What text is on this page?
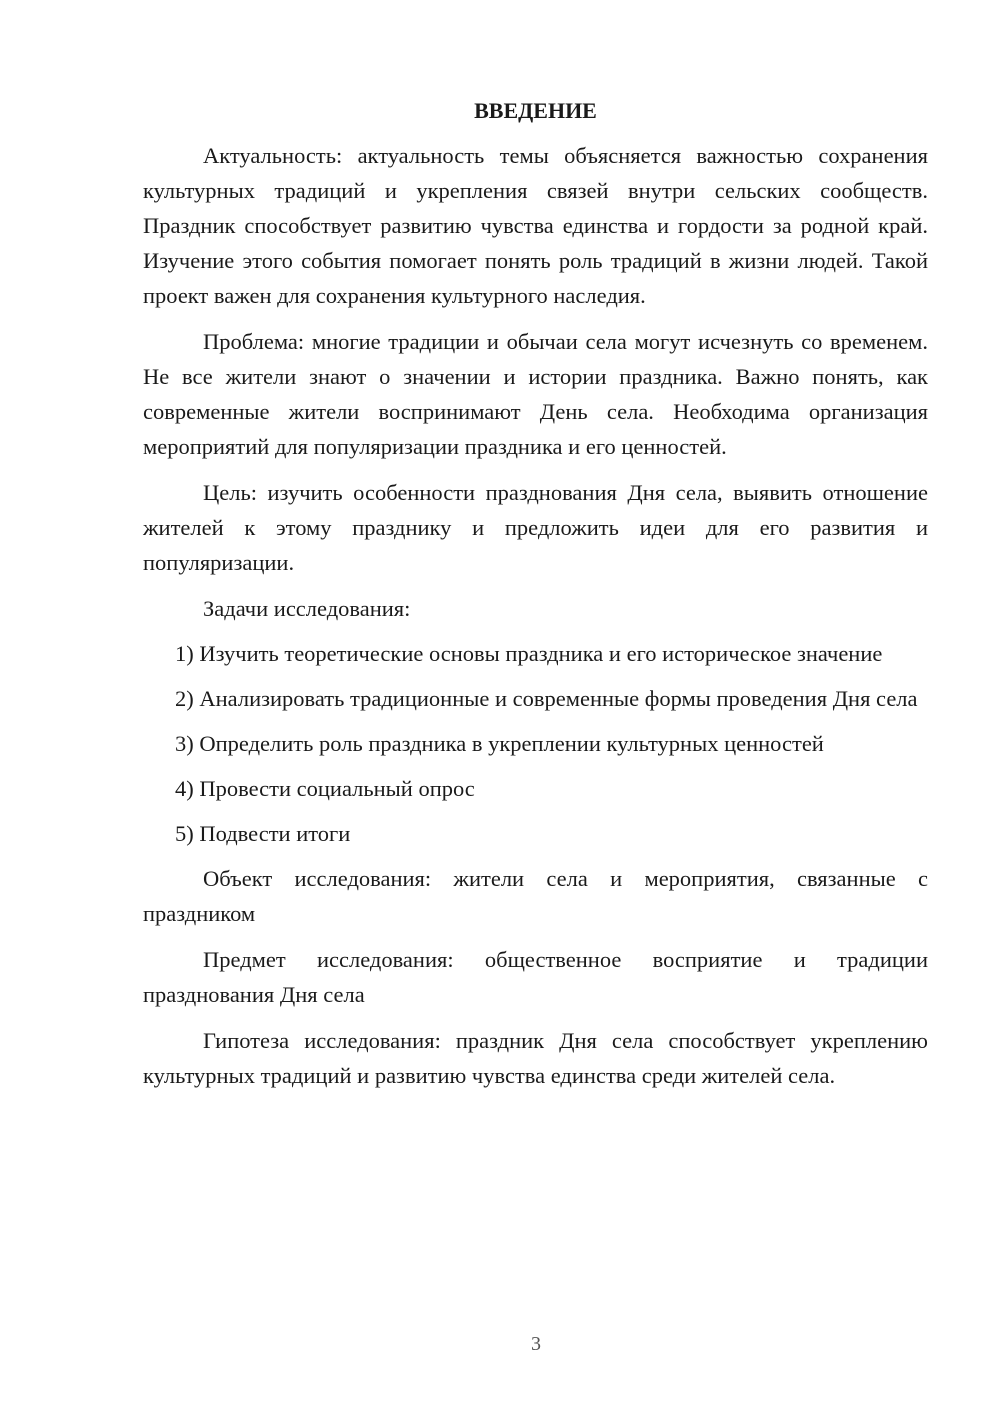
ВВЕДЕНИЕ

Актуальность: актуальность темы объясняется важностью сохранения культурных традиций и укрепления связей внутри сельских сообществ. Праздник способствует развитию чувства единства и гордости за родной край. Изучение этого события помогает понять роль традиций в жизни людей. Такой проект важен для сохранения культурного наследия.

Проблема: многие традиции и обычаи села могут исчезнуть со временем. Не все жители знают о значении и истории праздника. Важно понять, как современные жители воспринимают День села. Необходима организация мероприятий для популяризации праздника и его ценностей.

Цель: изучить особенности празднования Дня села, выявить отношение жителей к этому празднику и предложить идеи для его развития и популяризации.

Задачи исследования:

1) Изучить теоретические основы праздника и его историческое значение

2) Анализировать традиционные и современные формы проведения Дня села

3) Определить роль праздника в укреплении культурных ценностей

4) Провести социальный опрос

5) Подвести итоги

Объект исследования: жители села и мероприятия, связанные с праздником

Предмет исследования: общественное восприятие и традиции празднования Дня села

Гипотеза исследования: праздник Дня села способствует укреплению культурных традиций и развитию чувства единства среди жителей села.

3
